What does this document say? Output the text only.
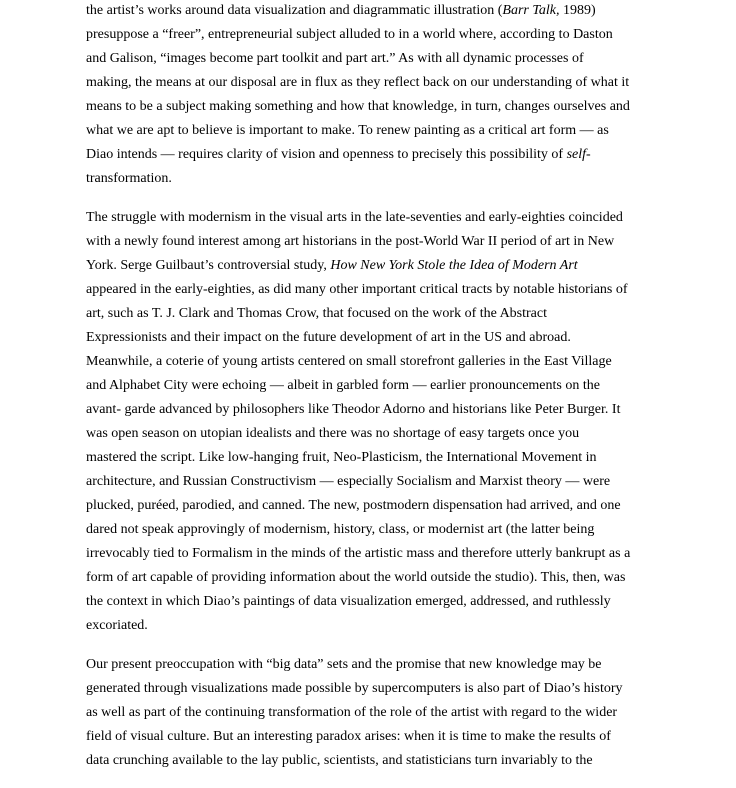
the artist’s works around data visualization and diagrammatic illustration (Barr Talk, 1989)
presuppose a “freer”, entrepreneurial subject alluded to in a world where, according to Daston
and Galison, “images become part toolkit and part art.” As with all dynamic processes of
making, the means at our disposal are in flux as they reflect back on our understanding of what it
means to be a subject making something and how that knowledge, in turn, changes ourselves and
what we are apt to believe is important to make. To renew painting as a critical art form — as
Diao intends — requires clarity of vision and openness to precisely this possibility of self-
transformation.
The struggle with modernism in the visual arts in the late-seventies and early-eighties coincided
with a newly found interest among art historians in the post-World War II period of art in New
York. Serge Guilbaut’s controversial study, How New York Stole the Idea of Modern Art
appeared in the early-eighties, as did many other important critical tracts by notable historians of
art, such as T. J. Clark and Thomas Crow, that focused on the work of the Abstract
Expressionists and their impact on the future development of art in the US and abroad.
Meanwhile, a coterie of young artists centered on small storefront galleries in the East Village
and Alphabet City were echoing — albeit in garbled form — earlier pronouncements on the
avant- garde advanced by philosophers like Theodor Adorno and historians like Peter Burger. It
was open season on utopian idealists and there was no shortage of easy targets once you
mastered the script. Like low-hanging fruit, Neo-Plasticism, the International Movement in
architecture, and Russian Constructivism — especially Socialism and Marxist theory — were
plucked, puréed, parodied, and canned. The new, postmodern dispensation had arrived, and one
dared not speak approvingly of modernism, history, class, or modernist art (the latter being
irrevocably tied to Formalism in the minds of the artistic mass and therefore utterly bankrupt as a
form of art capable of providing information about the world outside the studio). This, then, was
the context in which Diao’s paintings of data visualization emerged, addressed, and ruthlessly
excoriated.
Our present preoccupation with “big data” sets and the promise that new knowledge may be
generated through visualizations made possible by supercomputers is also part of Diao’s history
as well as part of the continuing transformation of the role of the artist with regard to the wider
field of visual culture. But an interesting paradox arises: when it is time to make the results of
data crunching available to the lay public, scientists, and statisticians turn invariably to the
